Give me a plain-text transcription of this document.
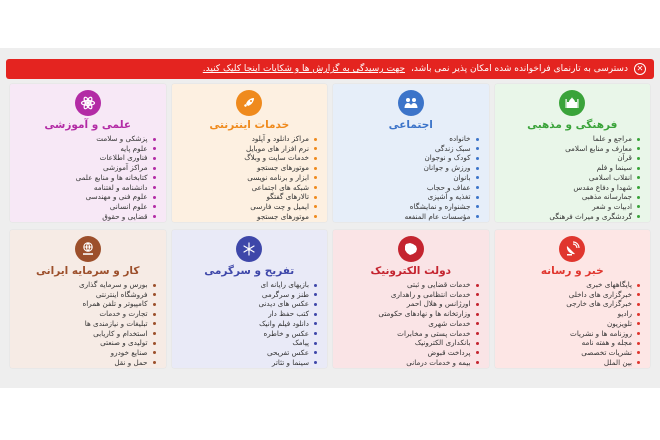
✕
دسترسی به تارنمای فراخوانده شده امکان پذیر نمی باشد،
جهت رسیدگی به گزارش ها و شکایات اینجا کلیک کنید.
فرهنگی و مذهبی
مراجع و علما
معارف و منابع اسلامی
قرآن
سینما و فلم
انقلاب اسلامی
شهدا و دفاع مقدس
جمارسانه مذهبی
ادبیات و شعر
گردشگری و میراث فرهنگی
اجتماعی
خانواده
سبک زندگی
کودک و نوجوان
ورزش و جوانان
بانوان
عفاف و حجاب
تغذیه و آشپزی
جشنواره و نمایشگاه
مؤسسات عام المنفعه
خدمات اینترنتی
مراکز دانلود و آپلود
نرم افزار های موبایل
خدمات سایت و وبلاگ
موتورهای جستجو
ابزار و برنامه نویسی
شبکه های اجتماعی
تالارهای گفتگو
ایمیل و چت فارسی
موتورهای جستجو
علمی و آموزشی
پزشکی و سلامت
علوم پایه
فناوری اطلاعات
مراکز آموزشی
کتابخانه ها و منابع علمی
دانشنامه و لغتنامه
علوم فنی و مهندسی
علوم انسانی
قضایی و حقوق
خبر و رسانه
پایگاههای خبری
خبرگزاری های داخلی
خبرگزاری های خارجی
رادیو
تلویزیون
روزنامه ها و نشریات
مجله و هفته نامه
نشریات تخصصی
بین الملل
دولت الکترونیک
خدمات قضایی و ثبتی
خدمات انتظامی و راهداری
اورژانس و هلال احمر
وزارتخانه ها و نهادهای حکومتی
خدمات شهری
خدمات پستی و مخابرات
بانکداری الکترونیک
پرداخت قبوض
بیمه و خدمات درمانی
تفریح و سرگرمی
بازیهای رایانه ای
طنز و سرگرمی
عکس های دیدنی
کتب حفظ دار
دانلود فیلم وانیک
عکس و خاطره
پیامک
عکس تفریحی
سینما و تئاتر
کار و سرمایه ایرانی
بورس و سرمایه گذاری
فروشگاه اینترنتی
کامپیوتر و تلفن همراه
تجارت و خدمات
تبلیغات و نیازمندی ها
استخدام و کاریابی
تولیدی و صنعتی
صنایع خودرو
حمل و نقل
